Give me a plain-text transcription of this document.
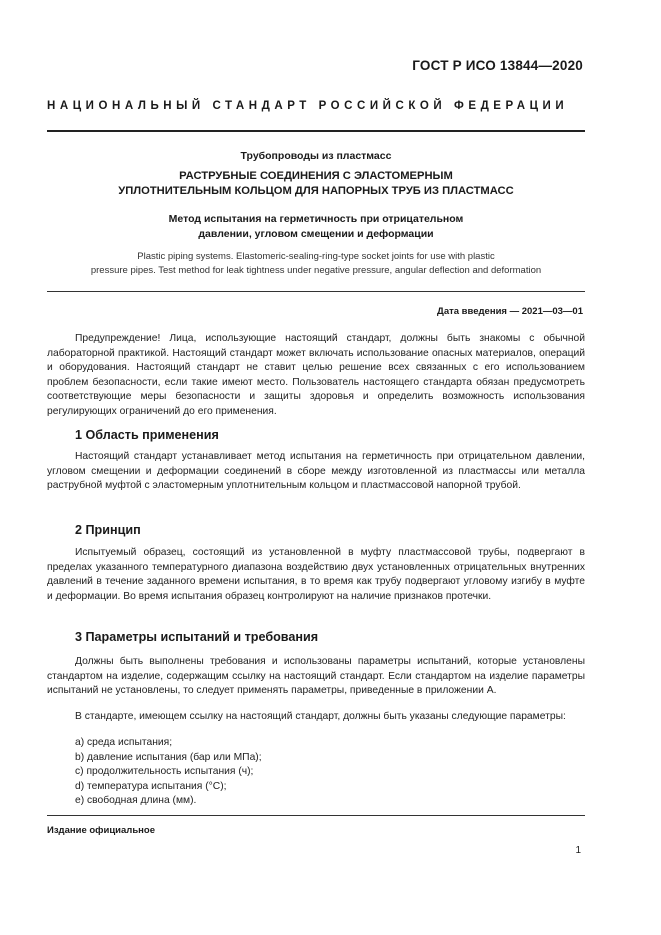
ГОСТ Р ИСО 13844—2020
НАЦИОНАЛЬНЫЙ СТАНДАРТ РОССИЙСКОЙ ФЕДЕРАЦИИ
Трубопроводы из пластмасс
РАСТРУБНЫЕ СОЕДИНЕНИЯ С ЭЛАСТОМЕРНЫМ
УПЛОТНИТЕЛЬНЫМ КОЛЬЦОМ ДЛЯ НАПОРНЫХ ТРУБ ИЗ ПЛАСТМАСС
Метод испытания на герметичность при отрицательном
давлении, угловом смещении и деформации
Plastic piping systems. Elastomeric-sealing-ring-type socket joints for use with plastic
pressure pipes. Test method for leak tightness under negative pressure, angular deflection and deformation
Дата введения — 2021—03—01

Предупреждение! Лица, использующие настоящий стандарт, должны быть знакомы с обычной лабораторной практикой. Настоящий стандарт может включать использование опасных материалов, операций и оборудования. Настоящий стандарт не ставит целью решение всех связанных с его использованием проблем безопасности, если такие имеют место. Пользователь настоящего стандарта обязан предусмотреть соответствующие меры безопасности и защиты здоровья и определить возможность использования регулирующих ограничений до его применения.

1 Область применения

Настоящий стандарт устанавливает метод испытания на герметичность при отрицательном давлении, угловом смещении и деформации соединений в сборе между изготовленной из пластмассы или металла раструбной муфтой с эластомерным уплотнительным кольцом и пластмассовой напорной трубой.

2 Принцип

Испытуемый образец, состоящий из установленной в муфту пластмассовой трубы, подвергают в пределах указанного температурного диапазона воздействию двух установленных отрицательных внутренних давлений в течение заданного времени испытания, в то время как трубу подвергают угловому изгибу в муфте и деформации. Во время испытания образец контролируют на наличие признаков протечки.

3 Параметры испытаний и требования

Должны быть выполнены требования и использованы параметры испытаний, которые установлены стандартом на изделие, содержащим ссылку на настоящий стандарт. Если стандартом на изделие параметры испытаний не установлены, то следует применять параметры, приведенные в приложении А.

В стандарте, имеющем ссылку на настоящий стандарт, должны быть указаны следующие параметры:

a) среда испытания;
b) давление испытания (бар или МПа);
c) продолжительность испытания (ч);
d) температура испытания (°С);
e) свободная длина (мм).
Издание официальное
1
